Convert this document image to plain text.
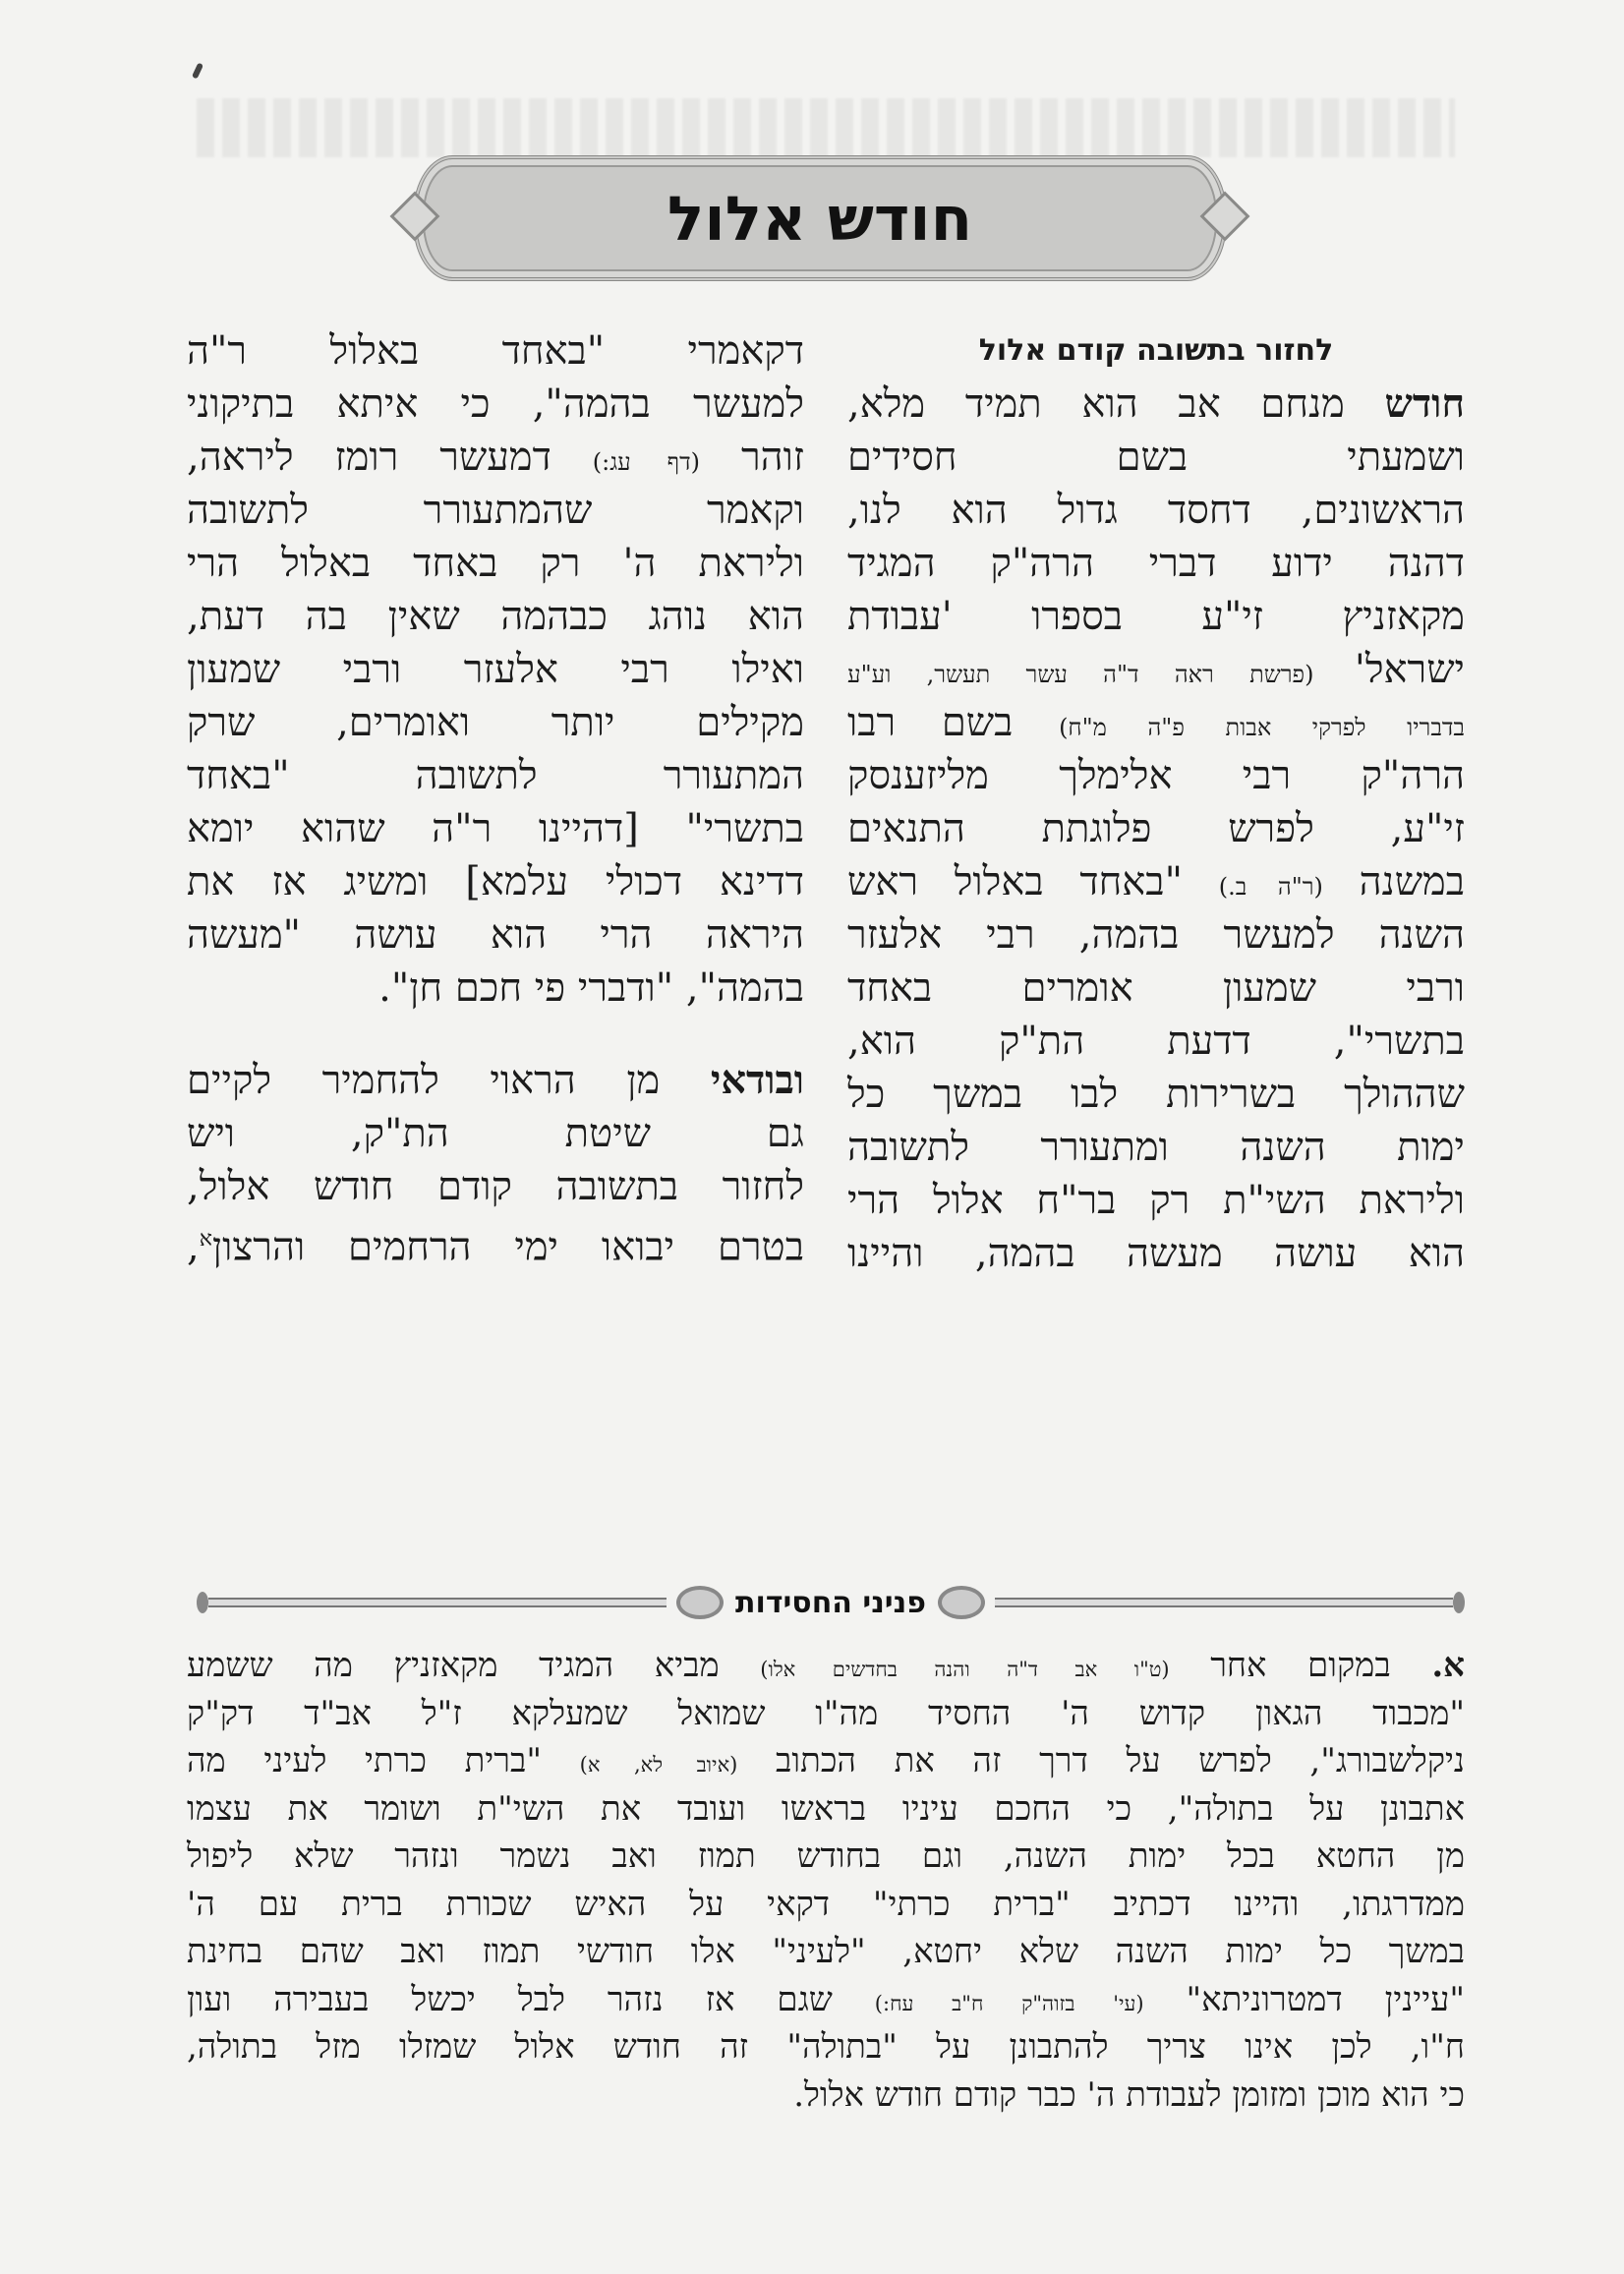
חודש אלול
לחזור בתשובה קודם אלול
חודש מנחם אב הוא תמיד מלא,
ושמעתי בשם חסידים
הראשונים, דחסד גדול הוא לנו,
דהנה ידוע דברי הרה"ק המגיד
מקאזניץ זי"ע בספרו 'עבודת
ישראל' (פרשת ראה ד"ה עשר תעשר, וע"ע
בדבריו לפרקי אבות פ"ה מ"ח) בשם רבו
הרה"ק רבי אלימלך מליזענסק
זי"ע, לפרש פלוגתת התנאים
במשנה (ר"ה ב.) "באחד באלול ראש
השנה למעשר בהמה, רבי אלעזר
ורבי שמעון אומרים באחד
בתשרי", דדעת הת"ק הוא,
שההולך בשרירות לבו במשך כל
ימות השנה ומתעורר לתשובה
וליראת השי"ת רק בר"ח אלול הרי
הוא עושה מעשה בהמה, והיינו
דקאמרי "באחד באלול ר"ה
למעשר בהמה", כי איתא בתיקוני
זוהר (דף עג:) דמעשר רומז ליראה,
וקאמר שהמתעורר לתשובה
וליראת ה' רק באחד באלול הרי
הוא נוהג כבהמה שאין בה דעת,
ואילו רבי אלעזר ורבי שמעון
מקילים יותר ואומרים, שרק
המתעורר לתשובה "באחד
בתשרי" [דהיינו ר"ה שהוא יומא
דדינא דכולי עלמא] ומשיג אז את
היראה הרי הוא עושה "מעשה
בהמה", "ודברי פי חכם חן".
ובודאי מן הראוי להחמיר לקיים
גם שיטת הת"ק, ויש
לחזור בתשובה קודם חודש אלול,
בטרם יבואו ימי הרחמים והרצון$^א$,
פניני החסידות
א. במקום אחר (ט"ו אב ד"ה והנה בחדשים אלו) מביא המגיד מקאזניץ מה ששמע
"מכבוד הגאון קדוש ה' החסיד מה"ו שמואל שמעלקא ז"ל אב"ד דק"ק
ניקלשבורג", לפרש על דרך זה את הכתוב (איוב לא, א) "ברית כרתי לעיני מה
אתבונן על בתולה", כי החכם עיניו בראשו ועובד את השי"ת ושומר את עצמו
מן החטא בכל ימות השנה, וגם בחודש תמוז ואב נשמר ונזהר שלא ליפול
ממדרגתו, והיינו דכתיב "ברית כרתי" דקאי על האיש שכורת ברית עם ה'
במשך כל ימות השנה שלא יחטא, "לעיני" אלו חודשי תמוז ואב שהם בחינת
"עיינין דמטרוניתא" (עי' בזוה"ק ח"ב עח:) שגם אז נזהר לבל יכשל בעבירה ועון
ח"ו, לכן אינו צריך להתבונן על "בתולה" זה חודש אלול שמזלו מזל בתולה,
כי הוא מוכן ומזומן לעבודת ה' כבר קודם חודש אלול.
